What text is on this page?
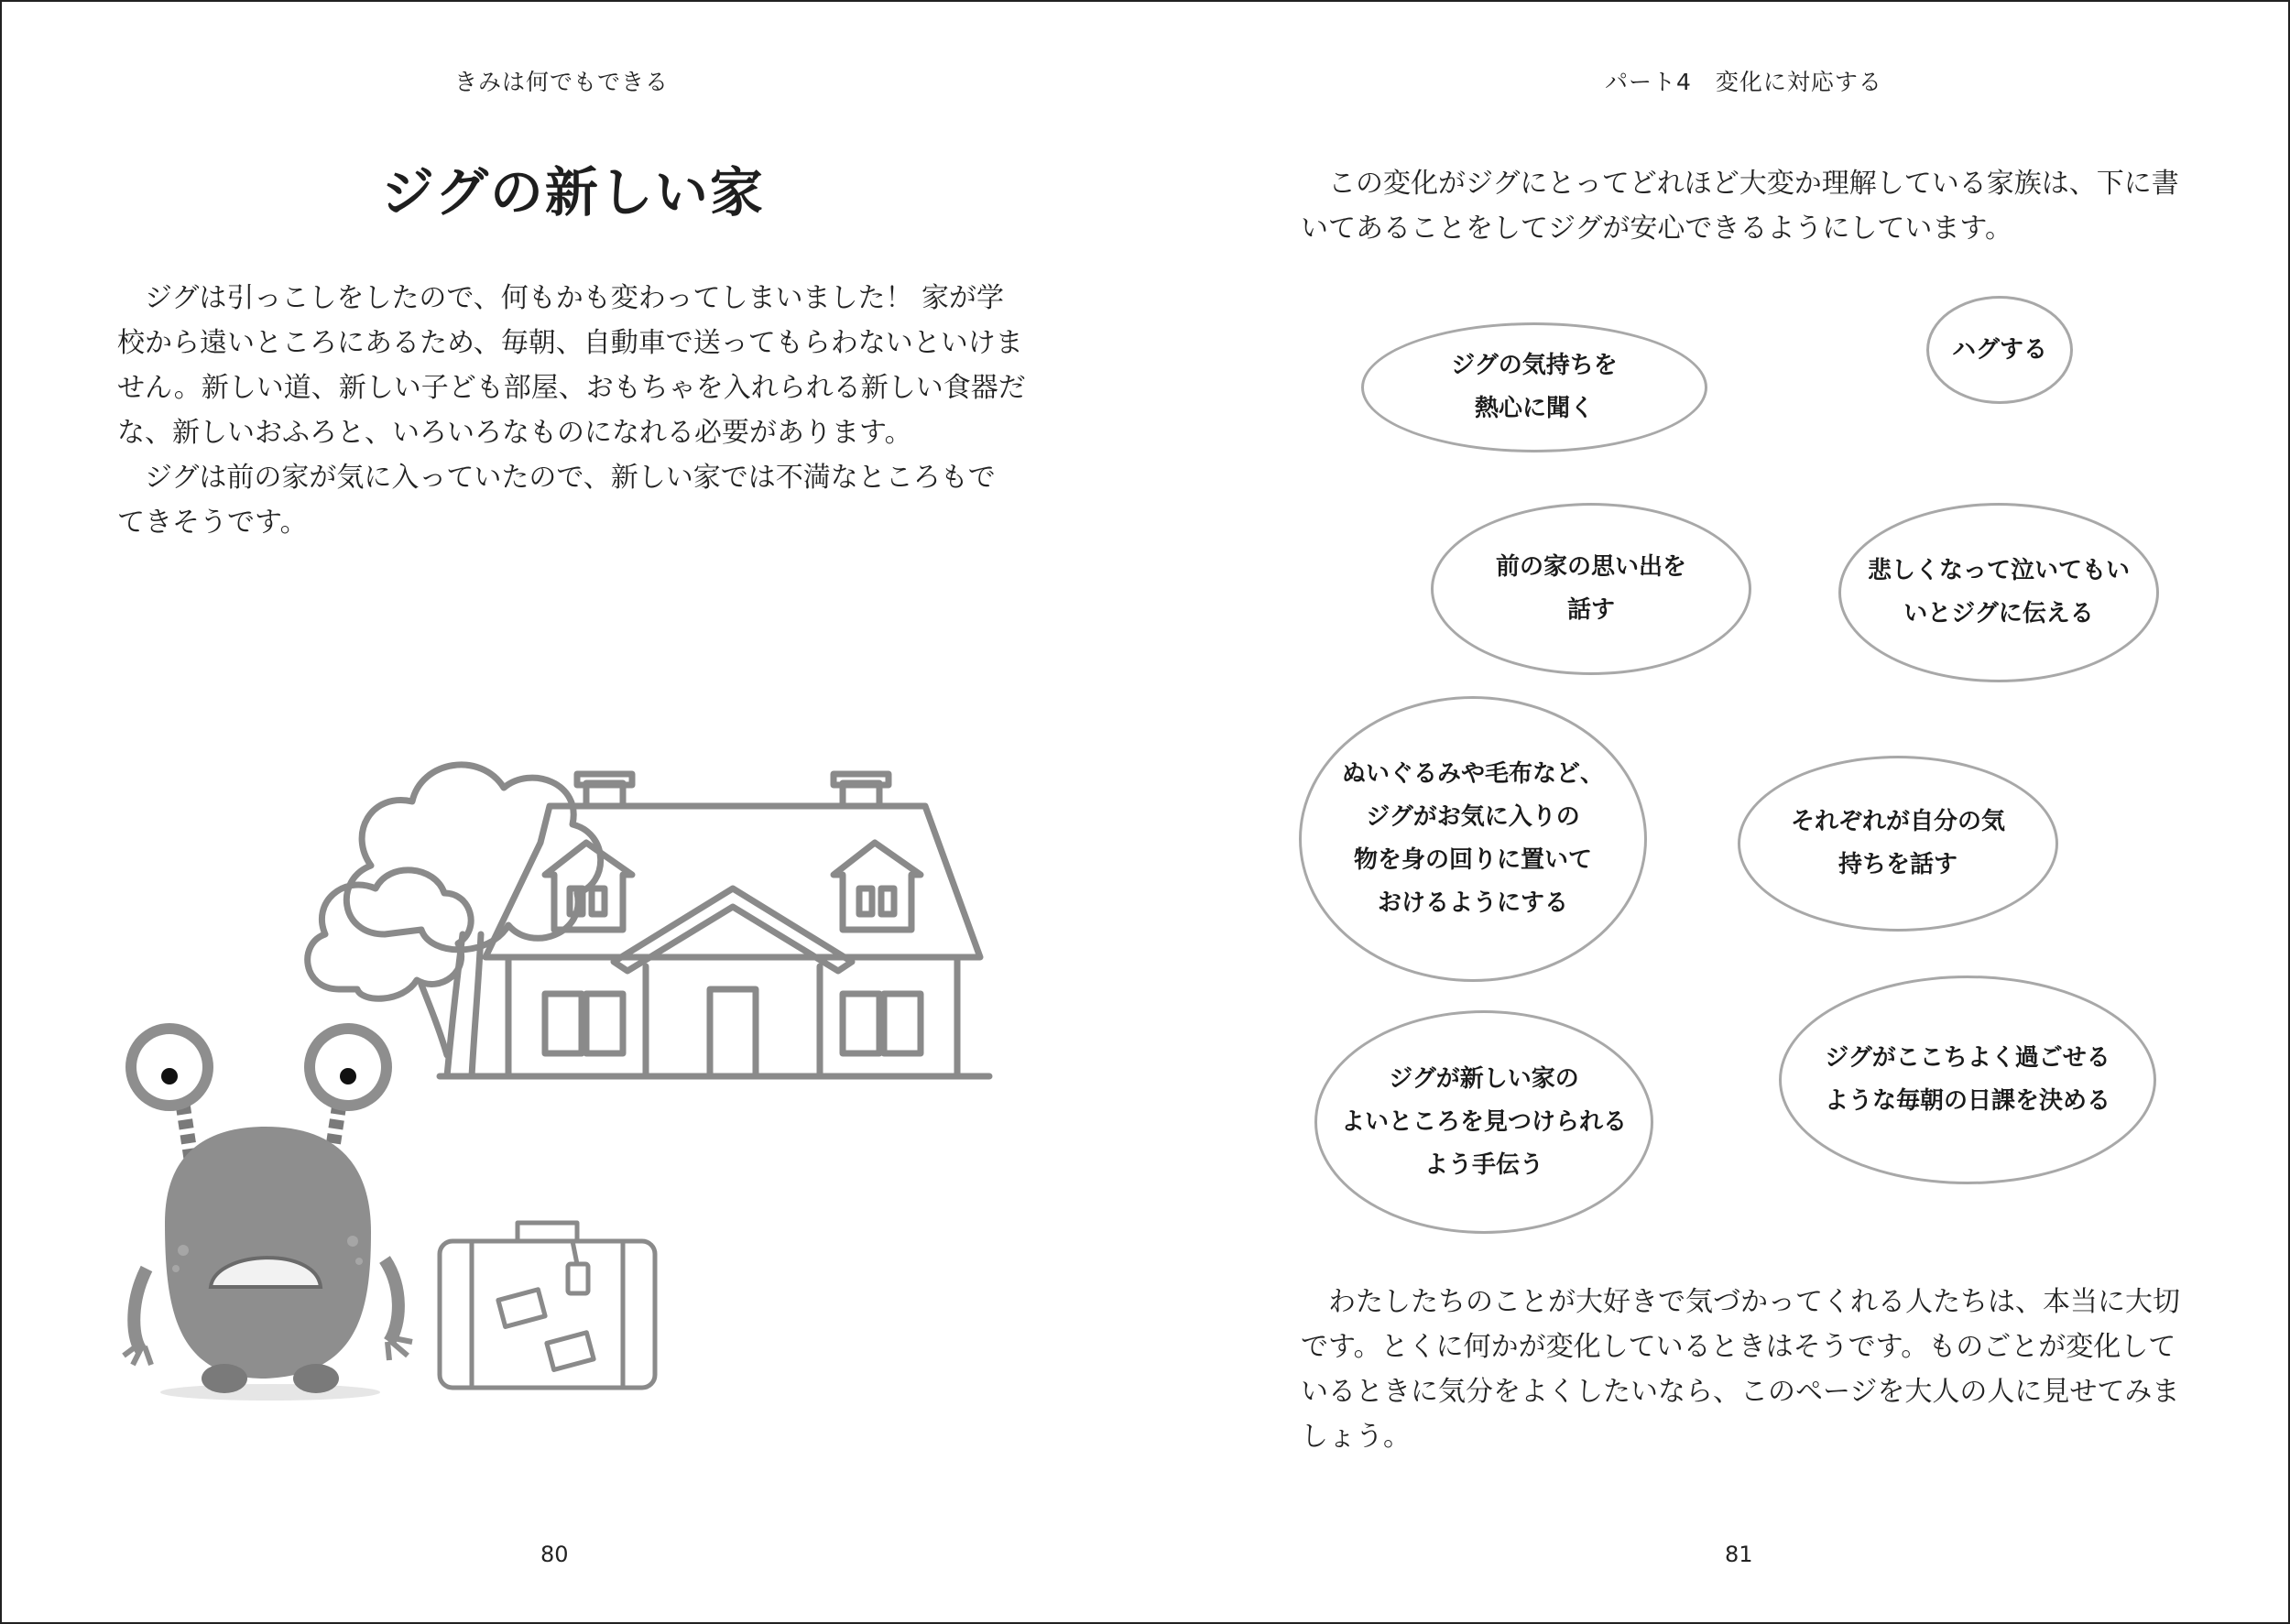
きみは何でもできる
ジグの新しい家

　ジグは引っこしをしたので、何もかも変わってしまいました！ 家が学

校から遠いところにあるため、毎朝、自動車で送ってもらわないといけま

せん。新しい道、新しい子ども部屋、おもちゃを入れられる新しい食器だ

な、新しいおふろと、いろいろなものになれる必要があります。

　ジグは前の家が気に入っていたので、新しい家では不満なところもで

てきそうです。

80
パート4　変化に対応する

　この変化がジグにとってどれほど大変か理解している家族は、下に書

いてあることをしてジグが安心できるようにしています。

ジグの気持ちを
熱心に聞く
ハグする
前の家の思い出を
話す
悲しくなって泣いてもい
いとジグに伝える
ぬいぐるみや毛布など、
ジグがお気に入りの
物を身の回りに置いて
おけるようにする
それぞれが自分の気
持ちを話す
ジグが新しい家の
よいところを見つけられる
よう手伝う
ジグがここちよく過ごせる
ような毎朝の日課を決める

　わたしたちのことが大好きで気づかってくれる人たちは、本当に大切

です。とくに何かが変化しているときはそうです。ものごとが変化して

いるときに気分をよくしたいなら、このページを大人の人に見せてみま

しょう。

81
